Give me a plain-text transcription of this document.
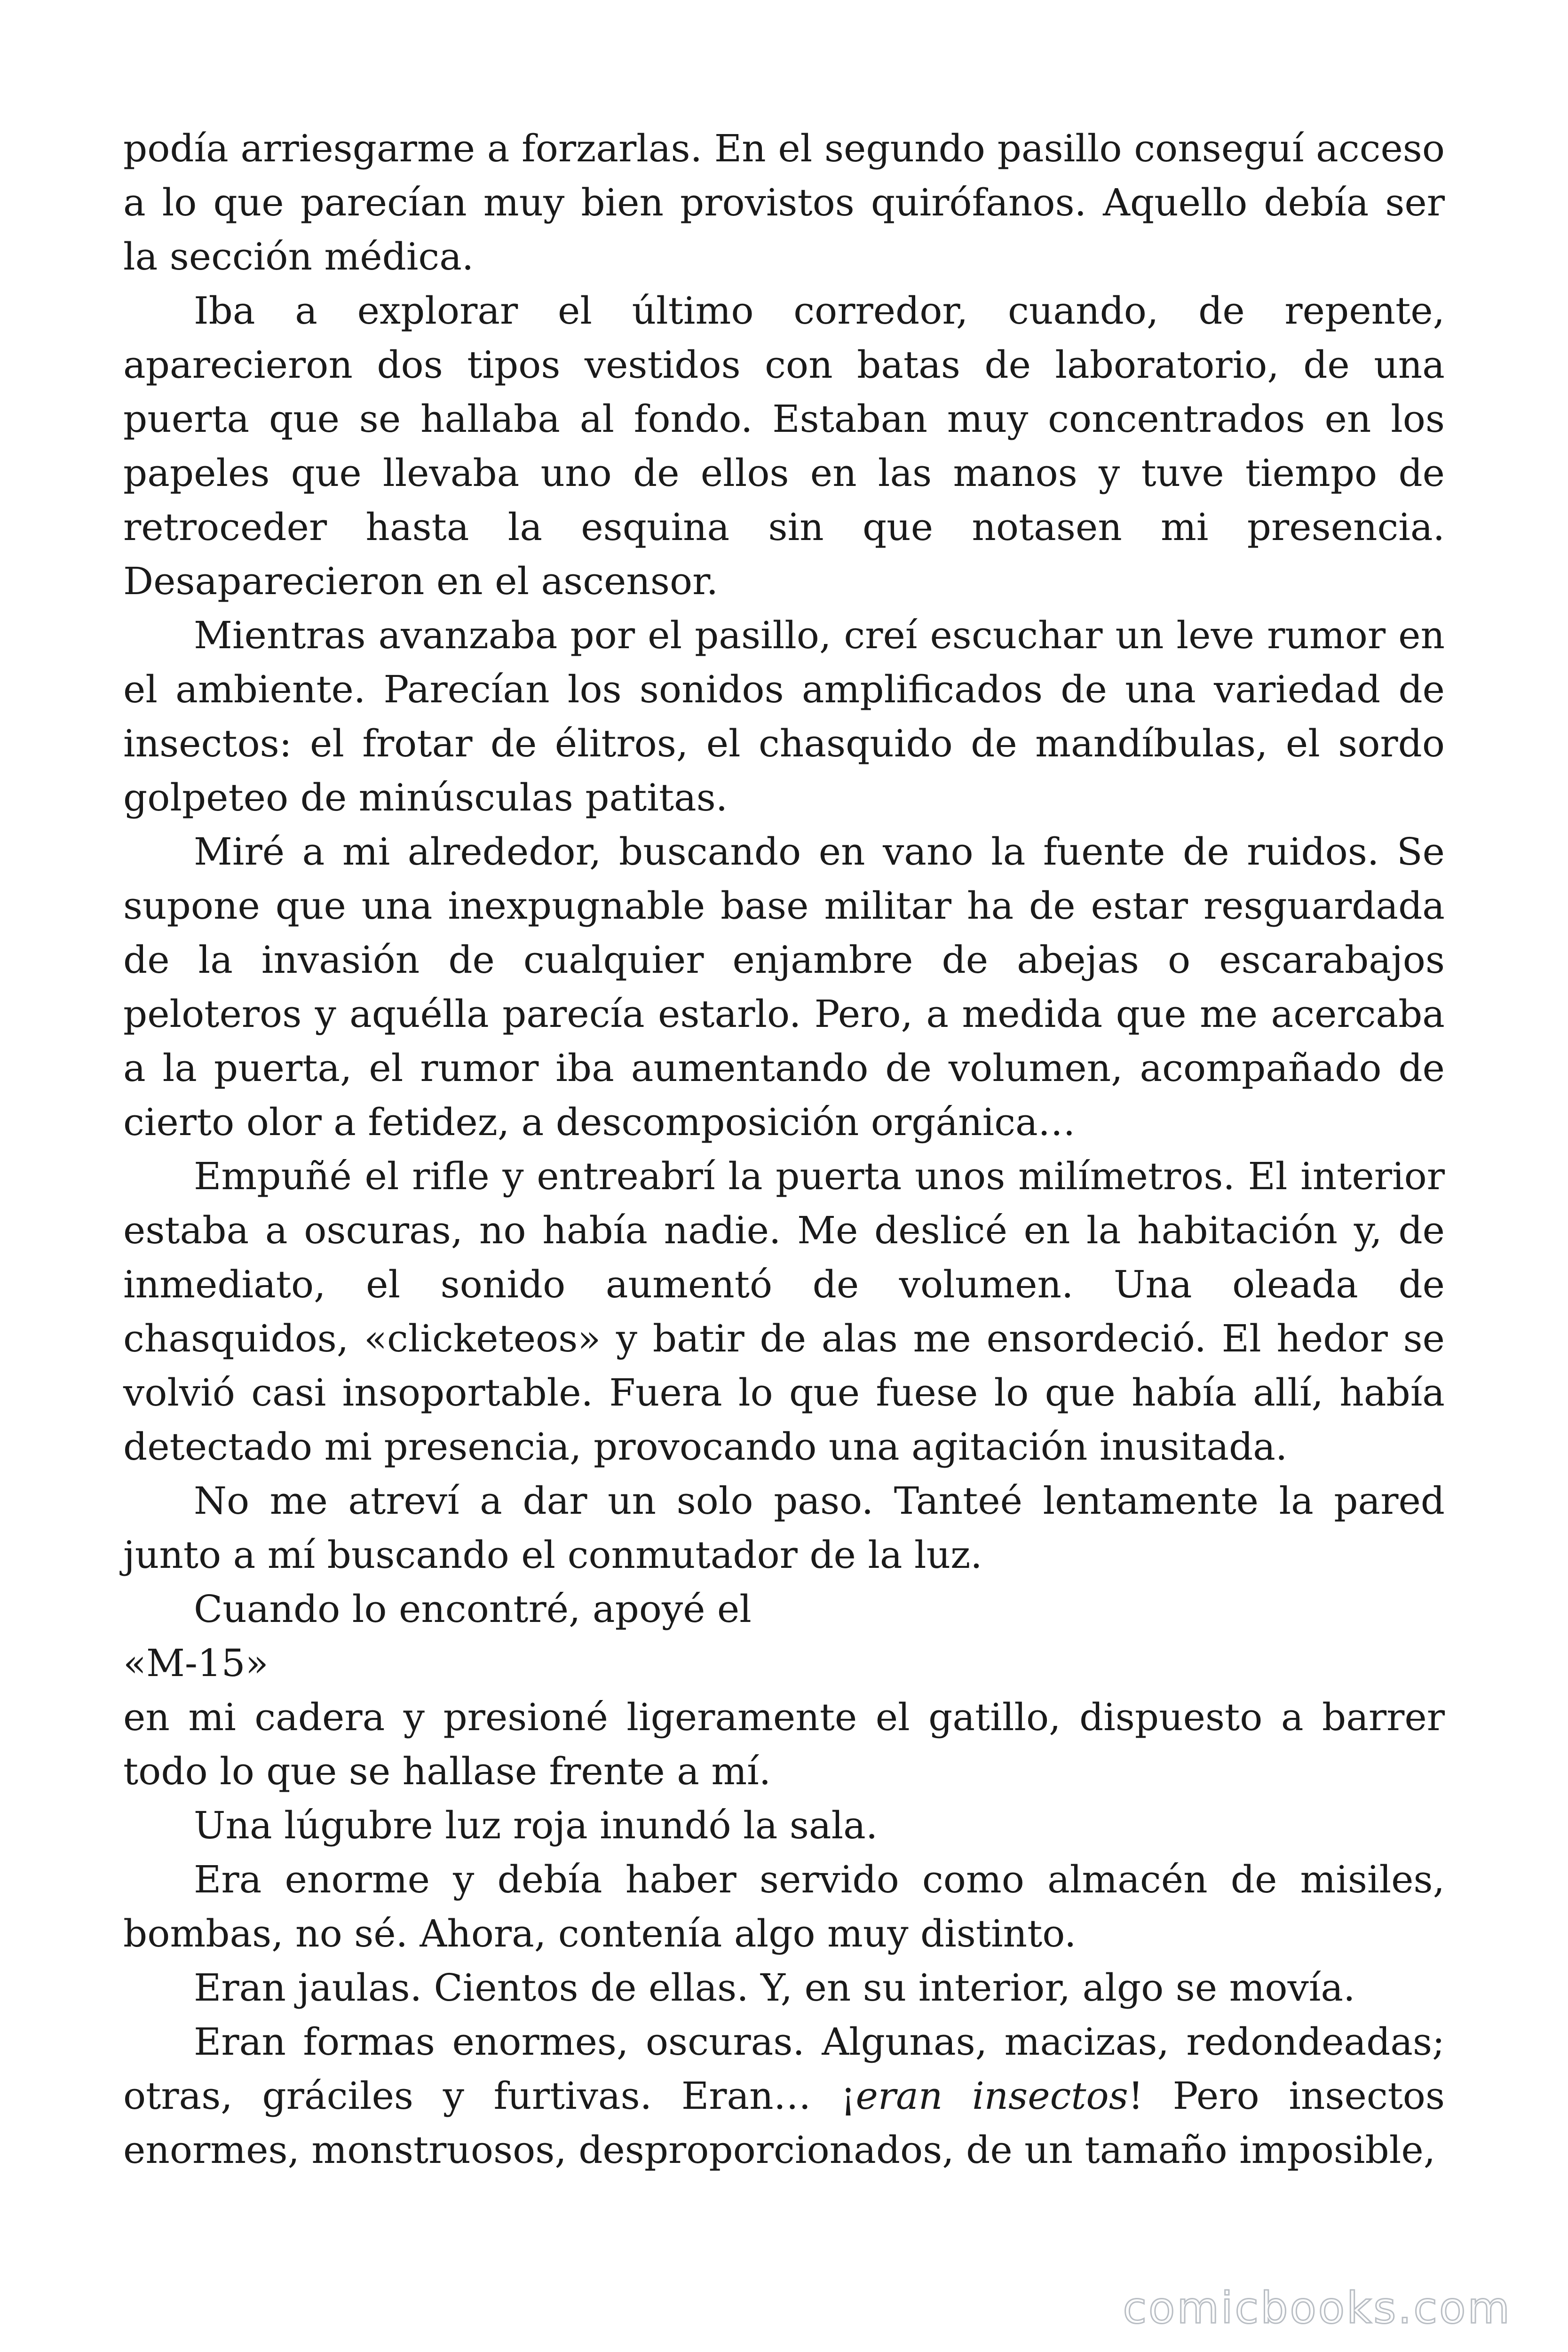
podía arriesgarme a forzarlas. En el segundo pasillo conseguí acceso a lo que parecían muy bien provistos quirófanos. Aquello debía ser la sección médica.

Iba a explorar el último corredor, cuando, de repente, aparecieron dos tipos vestidos con batas de laboratorio, de una puerta que se hallaba al fondo. Estaban muy concentrados en los papeles que llevaba uno de ellos en las manos y tuve tiempo de retroceder hasta la esquina sin que notasen mi presencia. Desaparecieron en el ascensor.

Mientras avanzaba por el pasillo, creí escuchar un leve rumor en el ambiente. Parecían los sonidos amplificados de una variedad de insectos: el frotar de élitros, el chasquido de mandíbulas, el sordo golpeteo de minúsculas patitas.

Miré a mi alrededor, buscando en vano la fuente de ruidos. Se supone que una inexpugnable base militar ha de estar resguardada de la invasión de cualquier enjambre de abejas o escarabajos peloteros y aquélla parecía estarlo. Pero, a medida que me acercaba a la puerta, el rumor iba aumentando de volumen, acompañado de cierto olor a fetidez, a descomposición orgánica…

Empuñé el rifle y entreabrí la puerta unos milímetros. El interior estaba a oscuras, no había nadie. Me deslicé en la habitación y, de inmediato, el sonido aumentó de volumen. Una oleada de chasquidos, «clicketeos» y batir de alas me ensordeció. El hedor se volvió casi insoportable. Fuera lo que fuese lo que había allí, había detectado mi presencia, provocando una agitación inusitada.

No me atreví a dar un solo paso. Tanteé lentamente la pared junto a mí buscando el conmutador de la luz.

Cuando lo encontré, apoyé el

«M-15»

en mi cadera y presioné ligeramente el gatillo, dispuesto a barrer todo lo que se hallase frente a mí.

Una lúgubre luz roja inundó la sala.

Era enorme y debía haber servido como almacén de misiles, bombas, no sé. Ahora, contenía algo muy distinto.

Eran jaulas. Cientos de ellas. Y, en su interior, algo se movía.

Eran formas enormes, oscuras. Algunas, macizas, redondeadas; otras, gráciles y furtivas. Eran… ¡eran insectos! Pero insectos enormes, monstruosos, desproporcionados, de un tamaño imposible,

comicbooks.com
